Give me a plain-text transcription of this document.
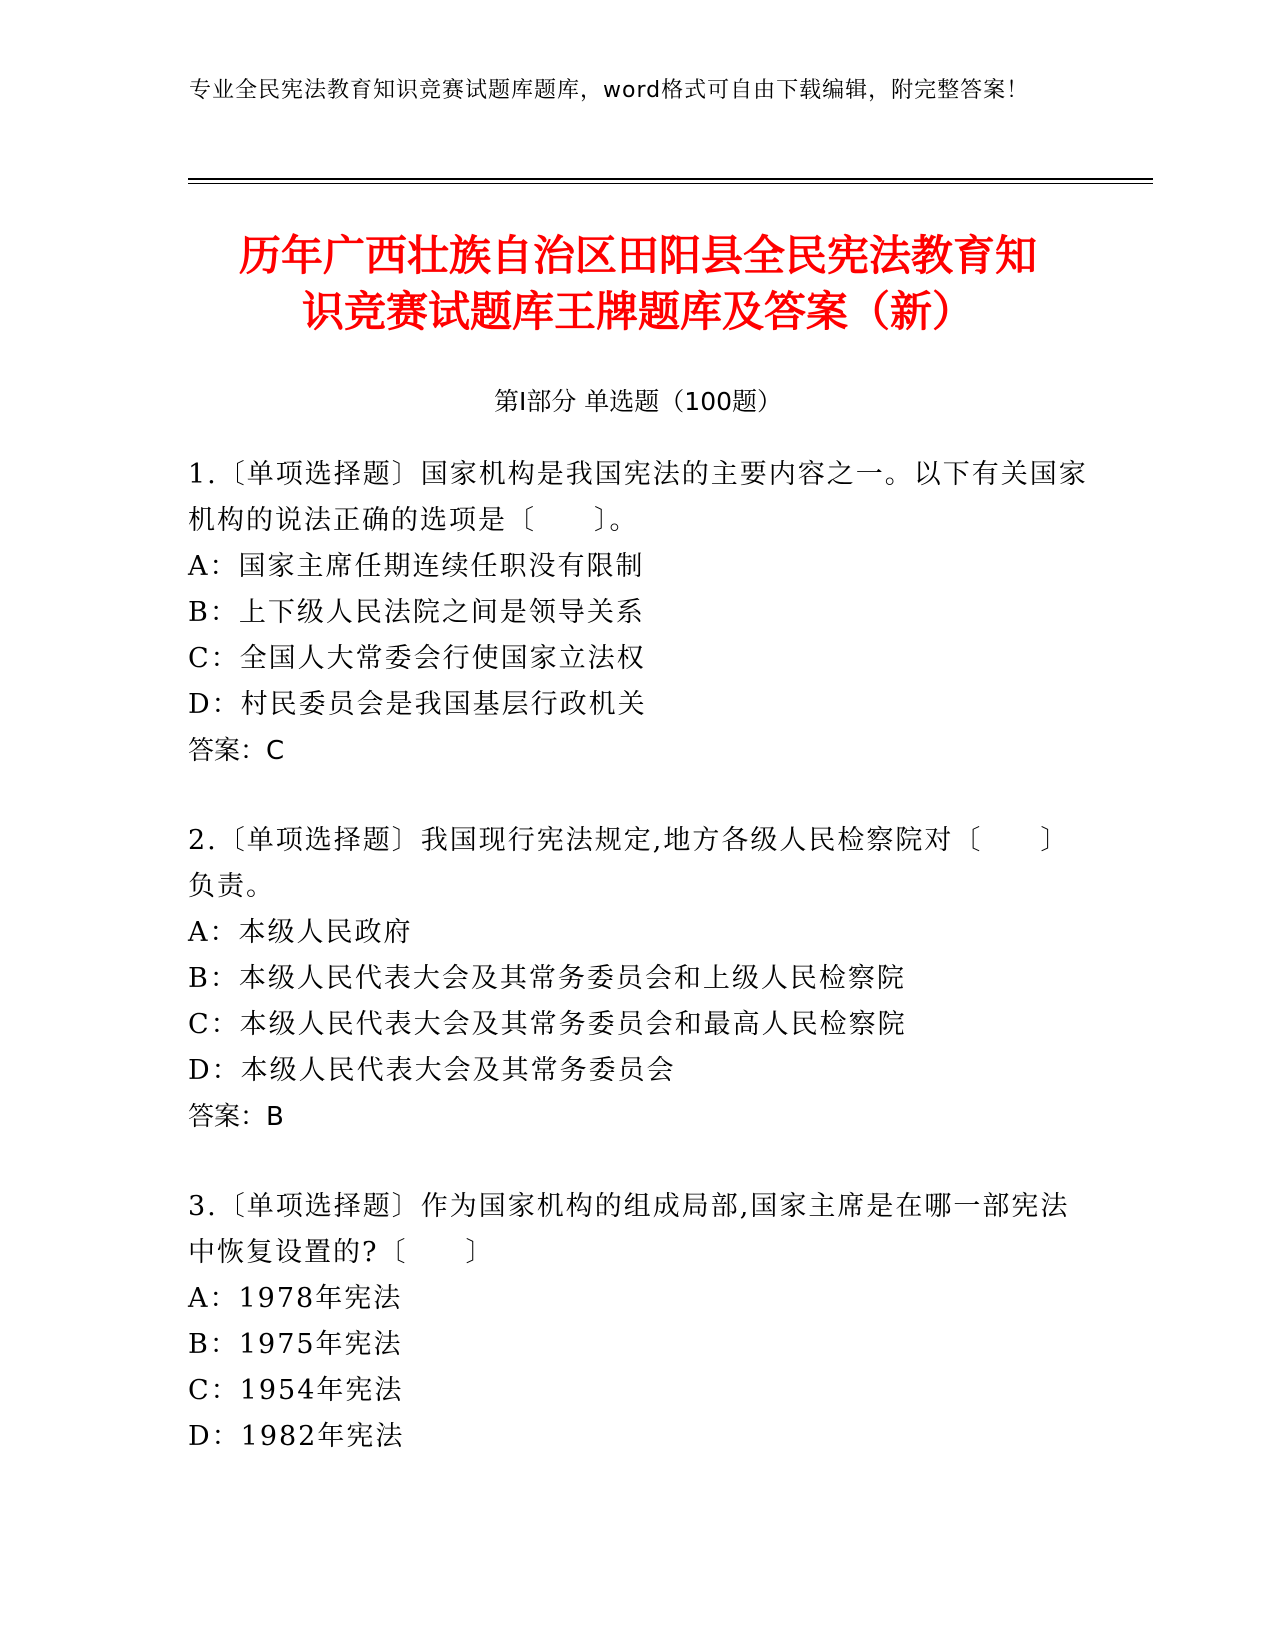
专业全民宪法教育知识竞赛试题库题库，word格式可自由下载编辑，附完整答案！
历年广西壮族自治区田阳县全民宪法教育知
识竞赛试题库王牌题库及答案（新）
第Ⅰ部分 单选题（100题）

1.〔单项选择题〕国家机构是我国宪法的主要内容之一。以下有关国家机构的说法正确的选项是〔　　〕。

A：国家主席任期连续任职没有限制

B：上下级人民法院之间是领导关系

C：全国人大常委会行使国家立法权

D：村民委员会是我国基层行政机关

答案：C

2.〔单项选择题〕我国现行宪法规定,地方各级人民检察院对〔　　〕负责。

A：本级人民政府

B：本级人民代表大会及其常务委员会和上级人民检察院

C：本级人民代表大会及其常务委员会和最高人民检察院

D：本级人民代表大会及其常务委员会

答案：B

3.〔单项选择题〕作为国家机构的组成局部,国家主席是在哪一部宪法中恢复设置的?〔　　〕

A：1978年宪法

B：1975年宪法

C：1954年宪法

D：1982年宪法
